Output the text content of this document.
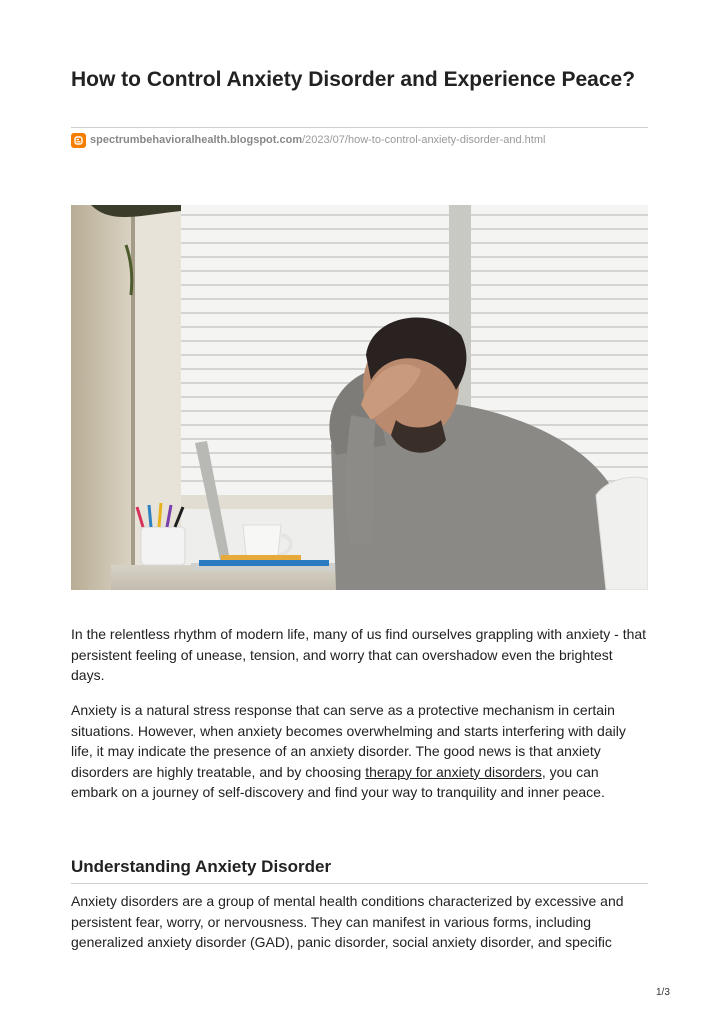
How to Control Anxiety Disorder and Experience Peace?
spectrumbehavioralhealth.blogspot.com /2023/07/how-to-control-anxiety-disorder-and.html

In the relentless rhythm of modern life, many of us find ourselves grappling with anxiety - that persistent feeling of unease, tension, and worry that can overshadow even the brightest days.

Anxiety is a natural stress response that can serve as a protective mechanism in certain situations. However, when anxiety becomes overwhelming and starts interfering with daily life, it may indicate the presence of an anxiety disorder. The good news is that anxiety disorders are highly treatable, and by choosing therapy for anxiety disorders, you can embark on a journey of self-discovery and find your way to tranquility and inner peace.

Understanding Anxiety Disorder

Anxiety disorders are a group of mental health conditions characterized by excessive and persistent fear, worry, or nervousness. They can manifest in various forms, including generalized anxiety disorder (GAD), panic disorder, social anxiety disorder, and specific

1/3
